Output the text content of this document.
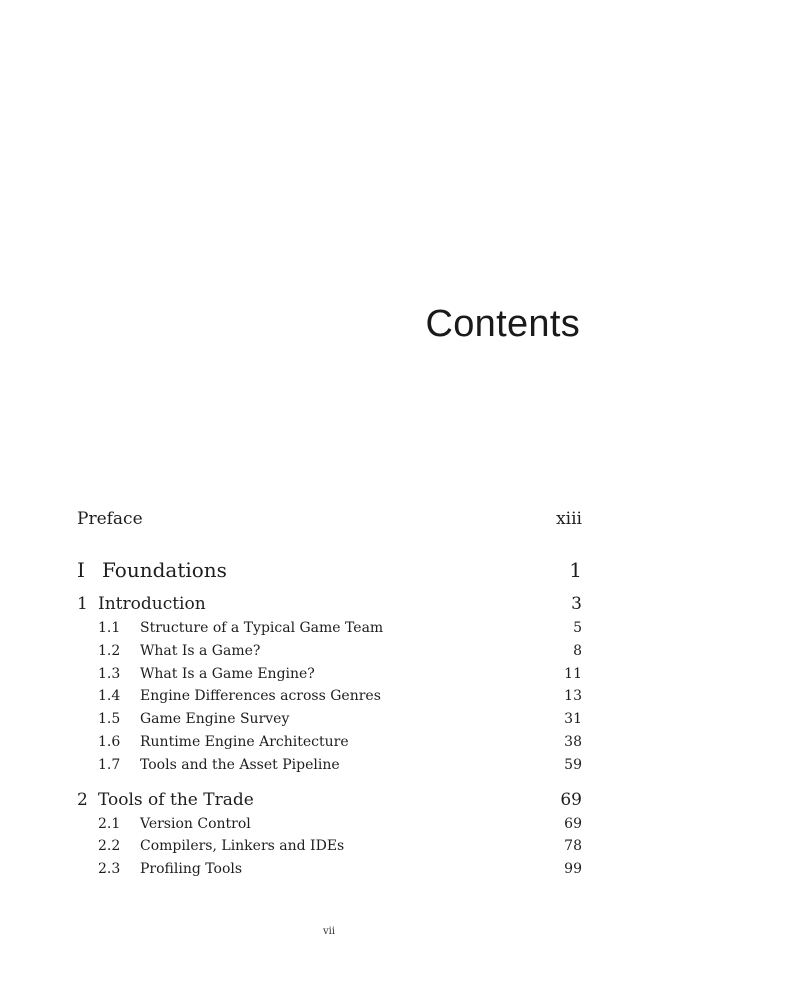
Contents
Preface	xiii
I Foundations	1
1 Introduction	3
1.1 Structure of a Typical Game Team	5
1.2 What Is a Game?	8
1.3 What Is a Game Engine?	11
1.4 Engine Differences across Genres	13
1.5 Game Engine Survey	31
1.6 Runtime Engine Architecture	38
1.7 Tools and the Asset Pipeline	59
2 Tools of the Trade	69
2.1 Version Control	69
2.2 Compilers, Linkers and IDEs	78
2.3 Profiling Tools	99
vii
